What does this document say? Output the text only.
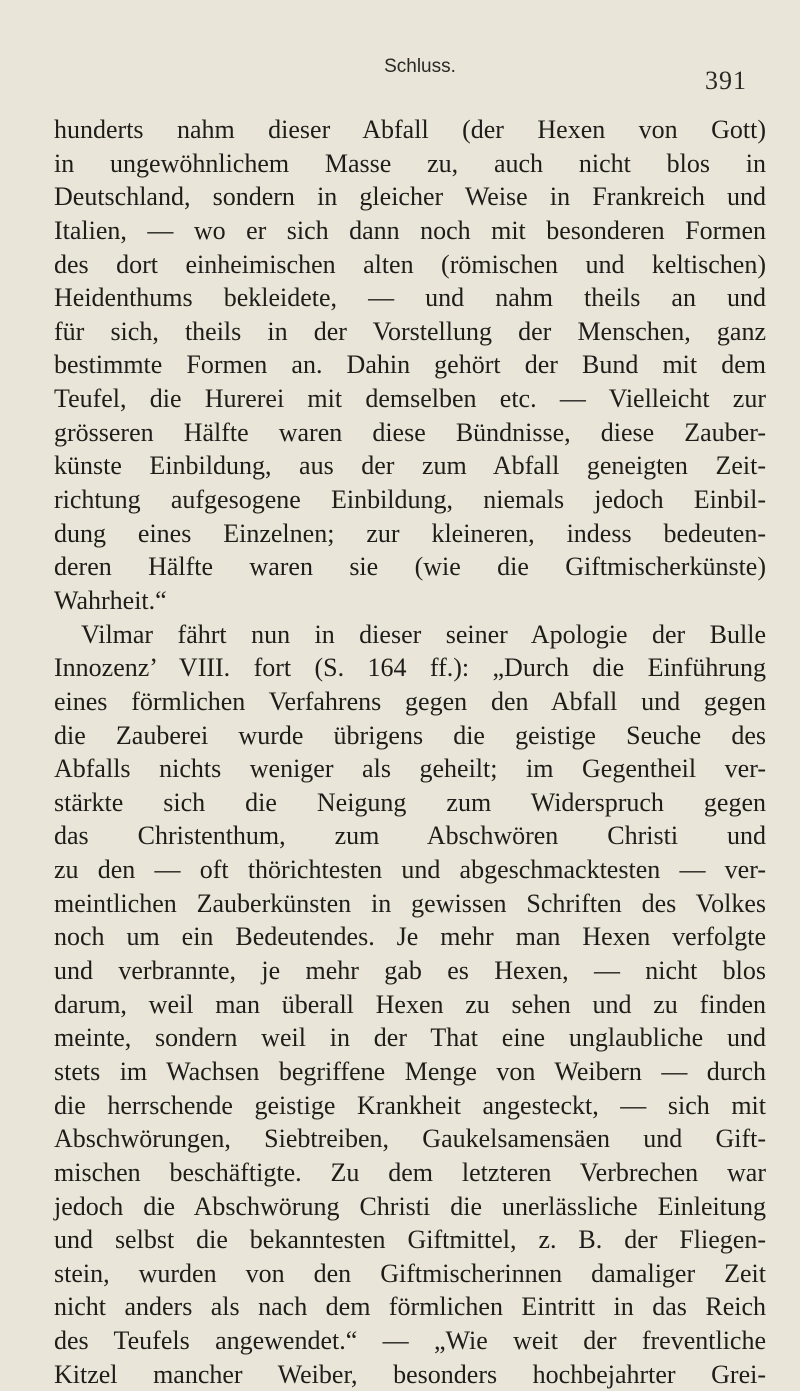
Schluss.	391
hunderts nahm dieser Abfall (der Hexen von Gott)
in ungewöhnlichem Masse zu, auch nicht blos in
Deutschland, sondern in gleicher Weise in Frankreich und
Italien, — wo er sich dann noch mit besonderen Formen
des dort einheimischen alten (römischen und keltischen)
Heidenthums bekleidete, — und nahm theils an und
für sich, theils in der Vorstellung der Menschen, ganz
bestimmte Formen an. Dahin gehört der Bund mit dem
Teufel, die Hurerei mit demselben etc. — Vielleicht zur
grösseren Hälfte waren diese Bündnisse, diese Zauber-
künste Einbildung, aus der zum Abfall geneigten Zeit-
richtung aufgesogene Einbildung, niemals jedoch Einbil-
dung eines Einzelnen; zur kleineren, indess bedeuten-
deren Hälfte waren sie (wie die Giftmischerkünste)
Wahrheit.“
Vilmar fährt nun in dieser seiner Apologie der Bulle
Innozenz’ VIII. fort (S. 164 ff.): „Durch die Einführung
eines förmlichen Verfahrens gegen den Abfall und gegen
die Zauberei wurde übrigens die geistige Seuche des
Abfalls nichts weniger als geheilt; im Gegentheil ver-
stärkte sich die Neigung zum Widerspruch gegen
das Christenthum, zum Abschwören Christi und
zu den — oft thörichtesten und abgeschmacktesten — ver-
meintlichen Zauberkünsten in gewissen Schriften des Volkes
noch um ein Bedeutendes. Je mehr man Hexen verfolgte
und verbrannte, je mehr gab es Hexen, — nicht blos
darum, weil man überall Hexen zu sehen und zu finden
meinte, sondern weil in der That eine unglaubliche und
stets im Wachsen begriffene Menge von Weibern — durch
die herrschende geistige Krankheit angesteckt, — sich mit
Abschwörungen, Siebtreiben, Gaukelsamensäen und Gift-
mischen beschäftigte. Zu dem letzteren Verbrechen war
jedoch die Abschwörung Christi die unerlässliche Einleitung
und selbst die bekanntesten Giftmittel, z. B. der Fliegen-
stein, wurden von den Giftmischerinnen damaliger Zeit
nicht anders als nach dem förmlichen Eintritt in das Reich
des Teufels angewendet.“ — „Wie weit der freventliche
Kitzel mancher Weiber, besonders hochbejahrter Grei-
